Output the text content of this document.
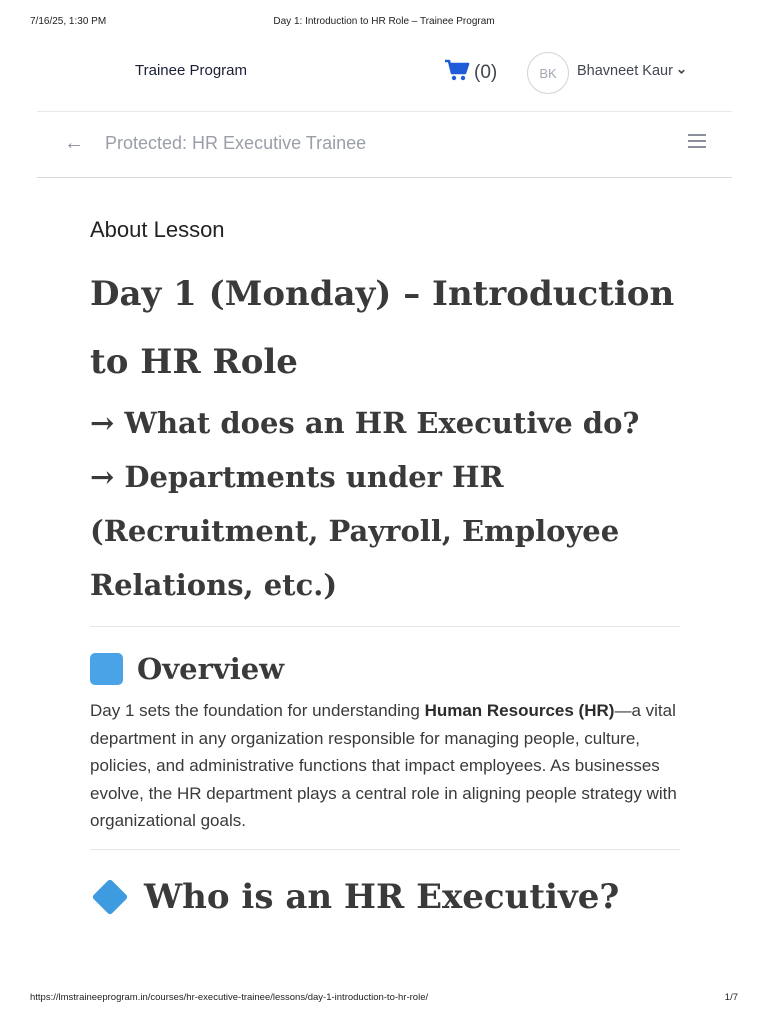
7/16/25, 1:30 PM	Day 1: Introduction to HR Role – Trainee Program
Trainee Program	(0)	BK	Bhavneet Kaur
← Protected: HR Executive Trainee
About Lesson
Day 1 (Monday) – Introduction
to HR Role
→ What does an HR Executive do?
→ Departments under HR
(Recruitment, Payroll, Employee
Relations, etc.)
Overview

Day 1 sets the foundation for understanding Human Resources (HR)—a vital department in any organization responsible for managing people, culture, policies, and administrative functions that impact employees. As businesses evolve, the HR department plays a central role in aligning people strategy with organizational goals.

Who is an HR Executive?
https://lmstraineeprogram.in/courses/hr-executive-trainee/lessons/day-1-introduction-to-hr-role/	1/7
